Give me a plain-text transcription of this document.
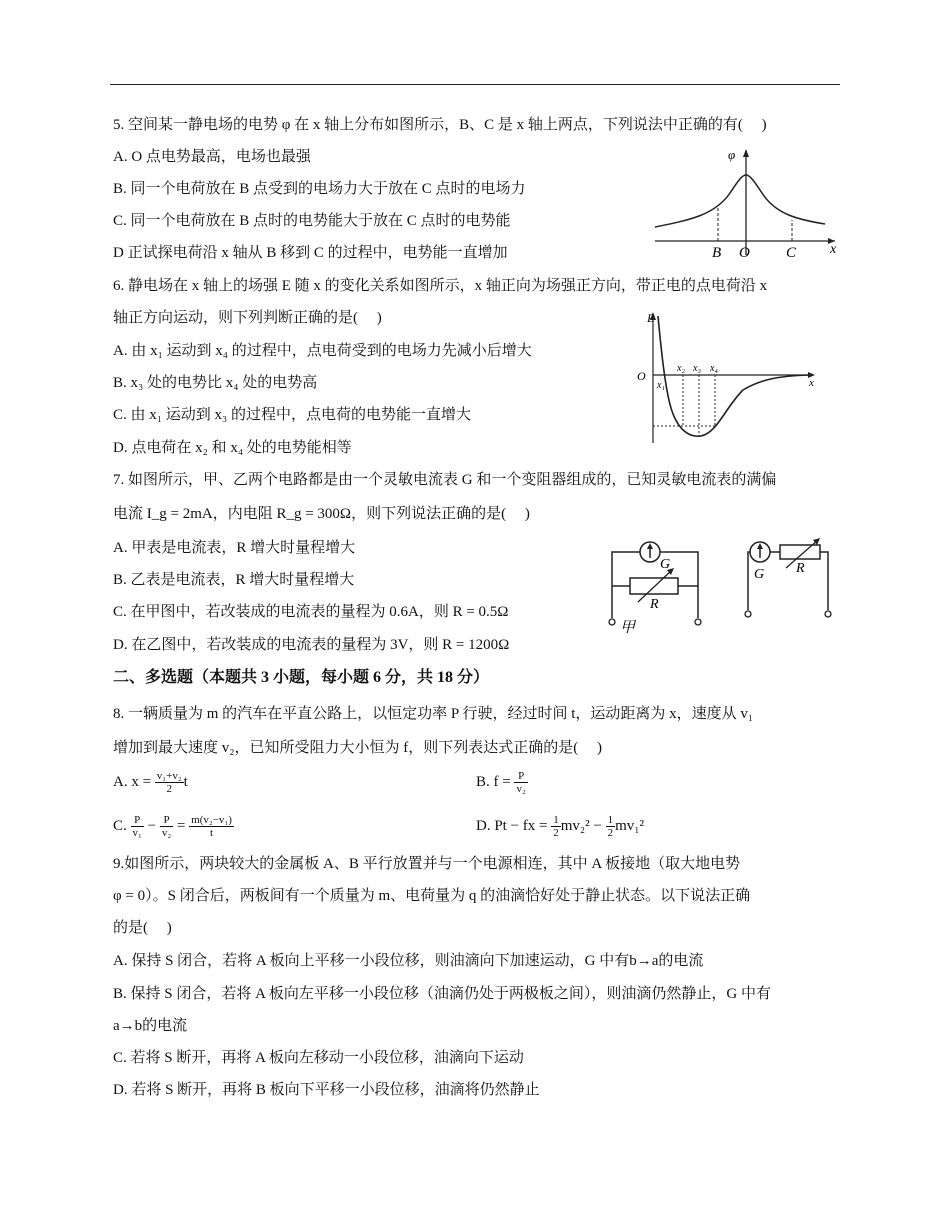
5. 空间某一静电场的电势 φ 在 x 轴上分布如图所示，B、C 是 x 轴上两点，下列说法中正确的有(　 )
A. O 点电势最高，电场也最强
B. 同一个电荷放在 B 点受到的电场力大于放在 C 点时的电场力
C. 同一个电荷放在 B 点时的电势能大于放在 C 点时的电势能
D 正试探电荷沿 x 轴从 B 移到 C 的过程中，电势能一直增加
φ
x
B O C
6. 静电场在 x 轴上的场强 E 随 x 的变化关系如图所示，x 轴正向为场强正方向，带正电的点电荷沿 x
轴正方向运动，则下列判断正确的是(　 )
A. 由 x₁ 运动到 x₄ 的过程中，点电荷受到的电场力先减小后增大
B. x₃ 处的电势比 x₄ 处的电势高
C. 由 x₁ 运动到 x₃ 的过程中，点电荷的电势能一直增大
D. 点电荷在 x₂ 和 x₄ 处的电势能相等
E
x
O
x₁
x₂ x₃ x₄
7. 如图所示，甲、乙两个电路都是由一个灵敏电流表 G 和一个变阻器组成的，已知灵敏电流表的满偏
电流 I_g = 2mA，内电阻 R_g = 300Ω，则下列说法正确的是(　 )
A. 甲表是电流表，R 增大时量程增大
B. 乙表是电流表，R 增大时量程增大
C. 在甲图中，若改装成的电流表的量程为 0.6A，则 R = 0.5Ω
D. 在乙图中，若改装成的电流表的量程为 3V，则 R = 1200Ω
G
R
甲
G R
二、多选题（本题共 3 小题，每小题 6 分，共 18 分）
8. 一辆质量为 m 的汽车在平直公路上，以恒定功率 P 行驶，经过时间 t，运动距离为 x，速度从 v₁
增加到最大速度 v₂，已知所受阻力大小恒为 f，则下列表达式正确的是(　 )
A. $x = \frac{\text{v₁+v₂}}{2}$ t	B. $f = \frac{P}{\text{v₂}}$
C. $\frac{P}{\text{v₁}} - \frac{P}{\text{v₂}} = \frac{\text{m(v₂−v₁)}}{t}$	D. Pt − fx = $\frac{1}{2} mv_2^2 - \frac{1}{2} mv_1^2$
9.如图所示，两块较大的金属板 A、B 平行放置并与一个电源相连，其中 A 板接地（取大地电势
φ = 0）。S 闭合后，两板间有一个质量为 m、电荷量为 q 的油滴恰好处于静止状态。以下说法正确
的是(　 )
A. 保持 S 闭合，若将 A 板向上平移一小段位移，则油滴向下加速运动，G 中有b→a的电流
B. 保持 S 闭合，若将 A 板向左平移一小段位移（油滴仍处于两极板之间），则油滴仍然静止，G 中有
a→b的电流
C. 若将 S 断开，再将 A 板向左移动一小段位移，油滴向下运动
D. 若将 S 断开，再将 B 板向下平移一小段位移，油滴将仍然静止
